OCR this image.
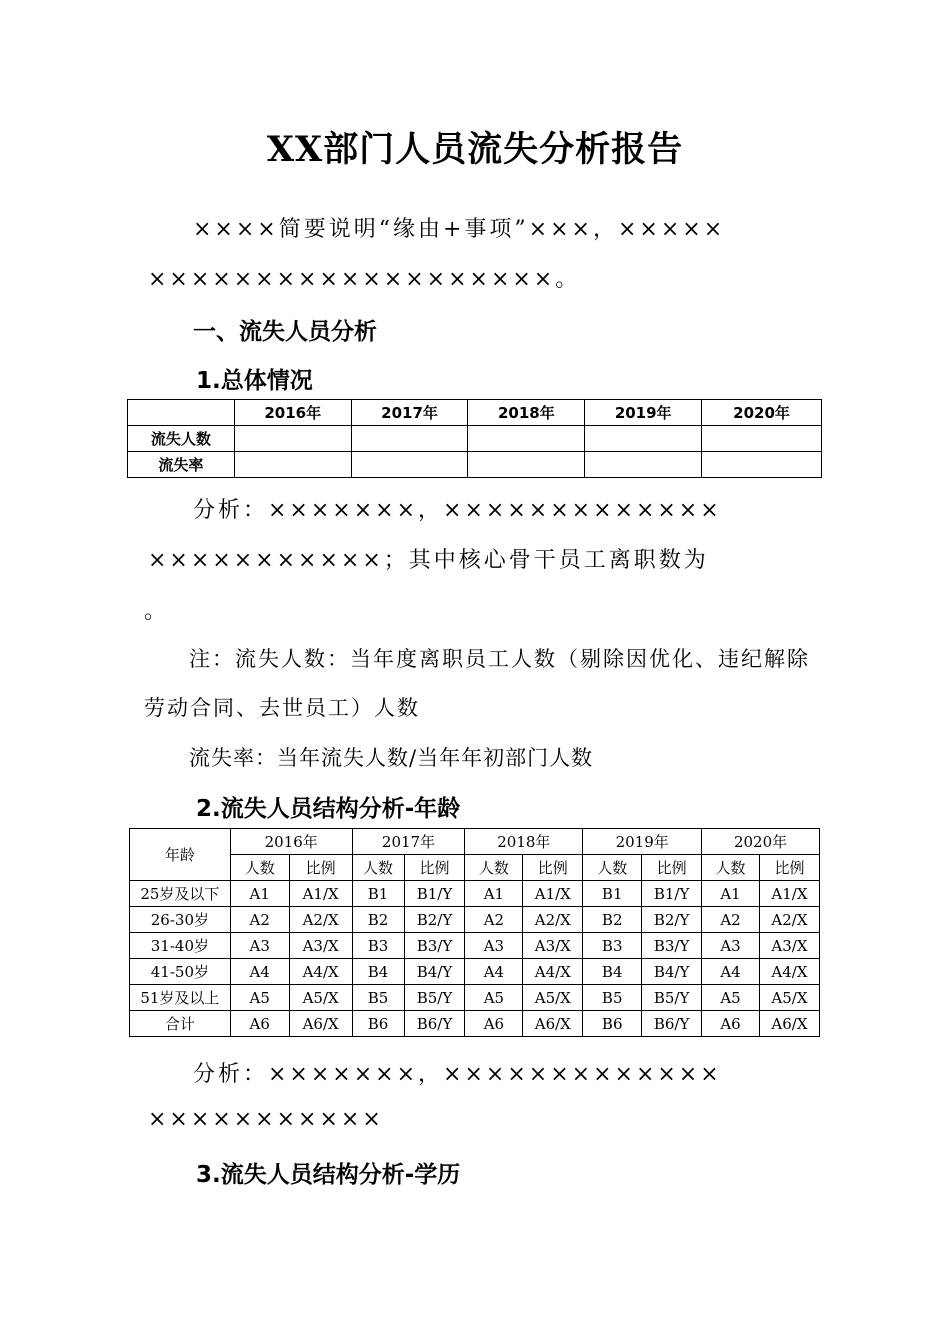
XX部门人员流失分析报告
××××简要说明“缘由+事项”×××，×××××
×××××××××××××××××××。
一、流失人员分析
1.总体情况
	2016年	2017年	2018年	2019年	2020年
流失人数					
流失率					
分析：×××××××，×××××××××××××
×××××××××××；其中核心骨干员工离职数为
。
注：流失人数：当年度离职员工人数（剔除因优化、违纪解除
劳动合同、去世员工）人数
流失率：当年流失人数/当年年初部门人数
2.流失人员结构分析-年龄
年龄	2016年		2017年		2018年		2019年		2020年	
	人数	比例	人数	比例	人数	比例	人数	比例	人数	比例
25岁及以下	A1	A1/X	B1	B1/Y	A1	A1/X	B1	B1/Y	A1	A1/X
26-30岁	A2	A2/X	B2	B2/Y	A2	A2/X	B2	B2/Y	A2	A2/X
31-40岁	A3	A3/X	B3	B3/Y	A3	A3/X	B3	B3/Y	A3	A3/X
41-50岁	A4	A4/X	B4	B4/Y	A4	A4/X	B4	B4/Y	A4	A4/X
51岁及以上	A5	A5/X	B5	B5/Y	A5	A5/X	B5	B5/Y	A5	A5/X
合计	A6	A6/X	B6	B6/Y	A6	A6/X	B6	B6/Y	A6	A6/X
分析：×××××××，×××××××××××××
×××××××××××
3.流失人员结构分析-学历
